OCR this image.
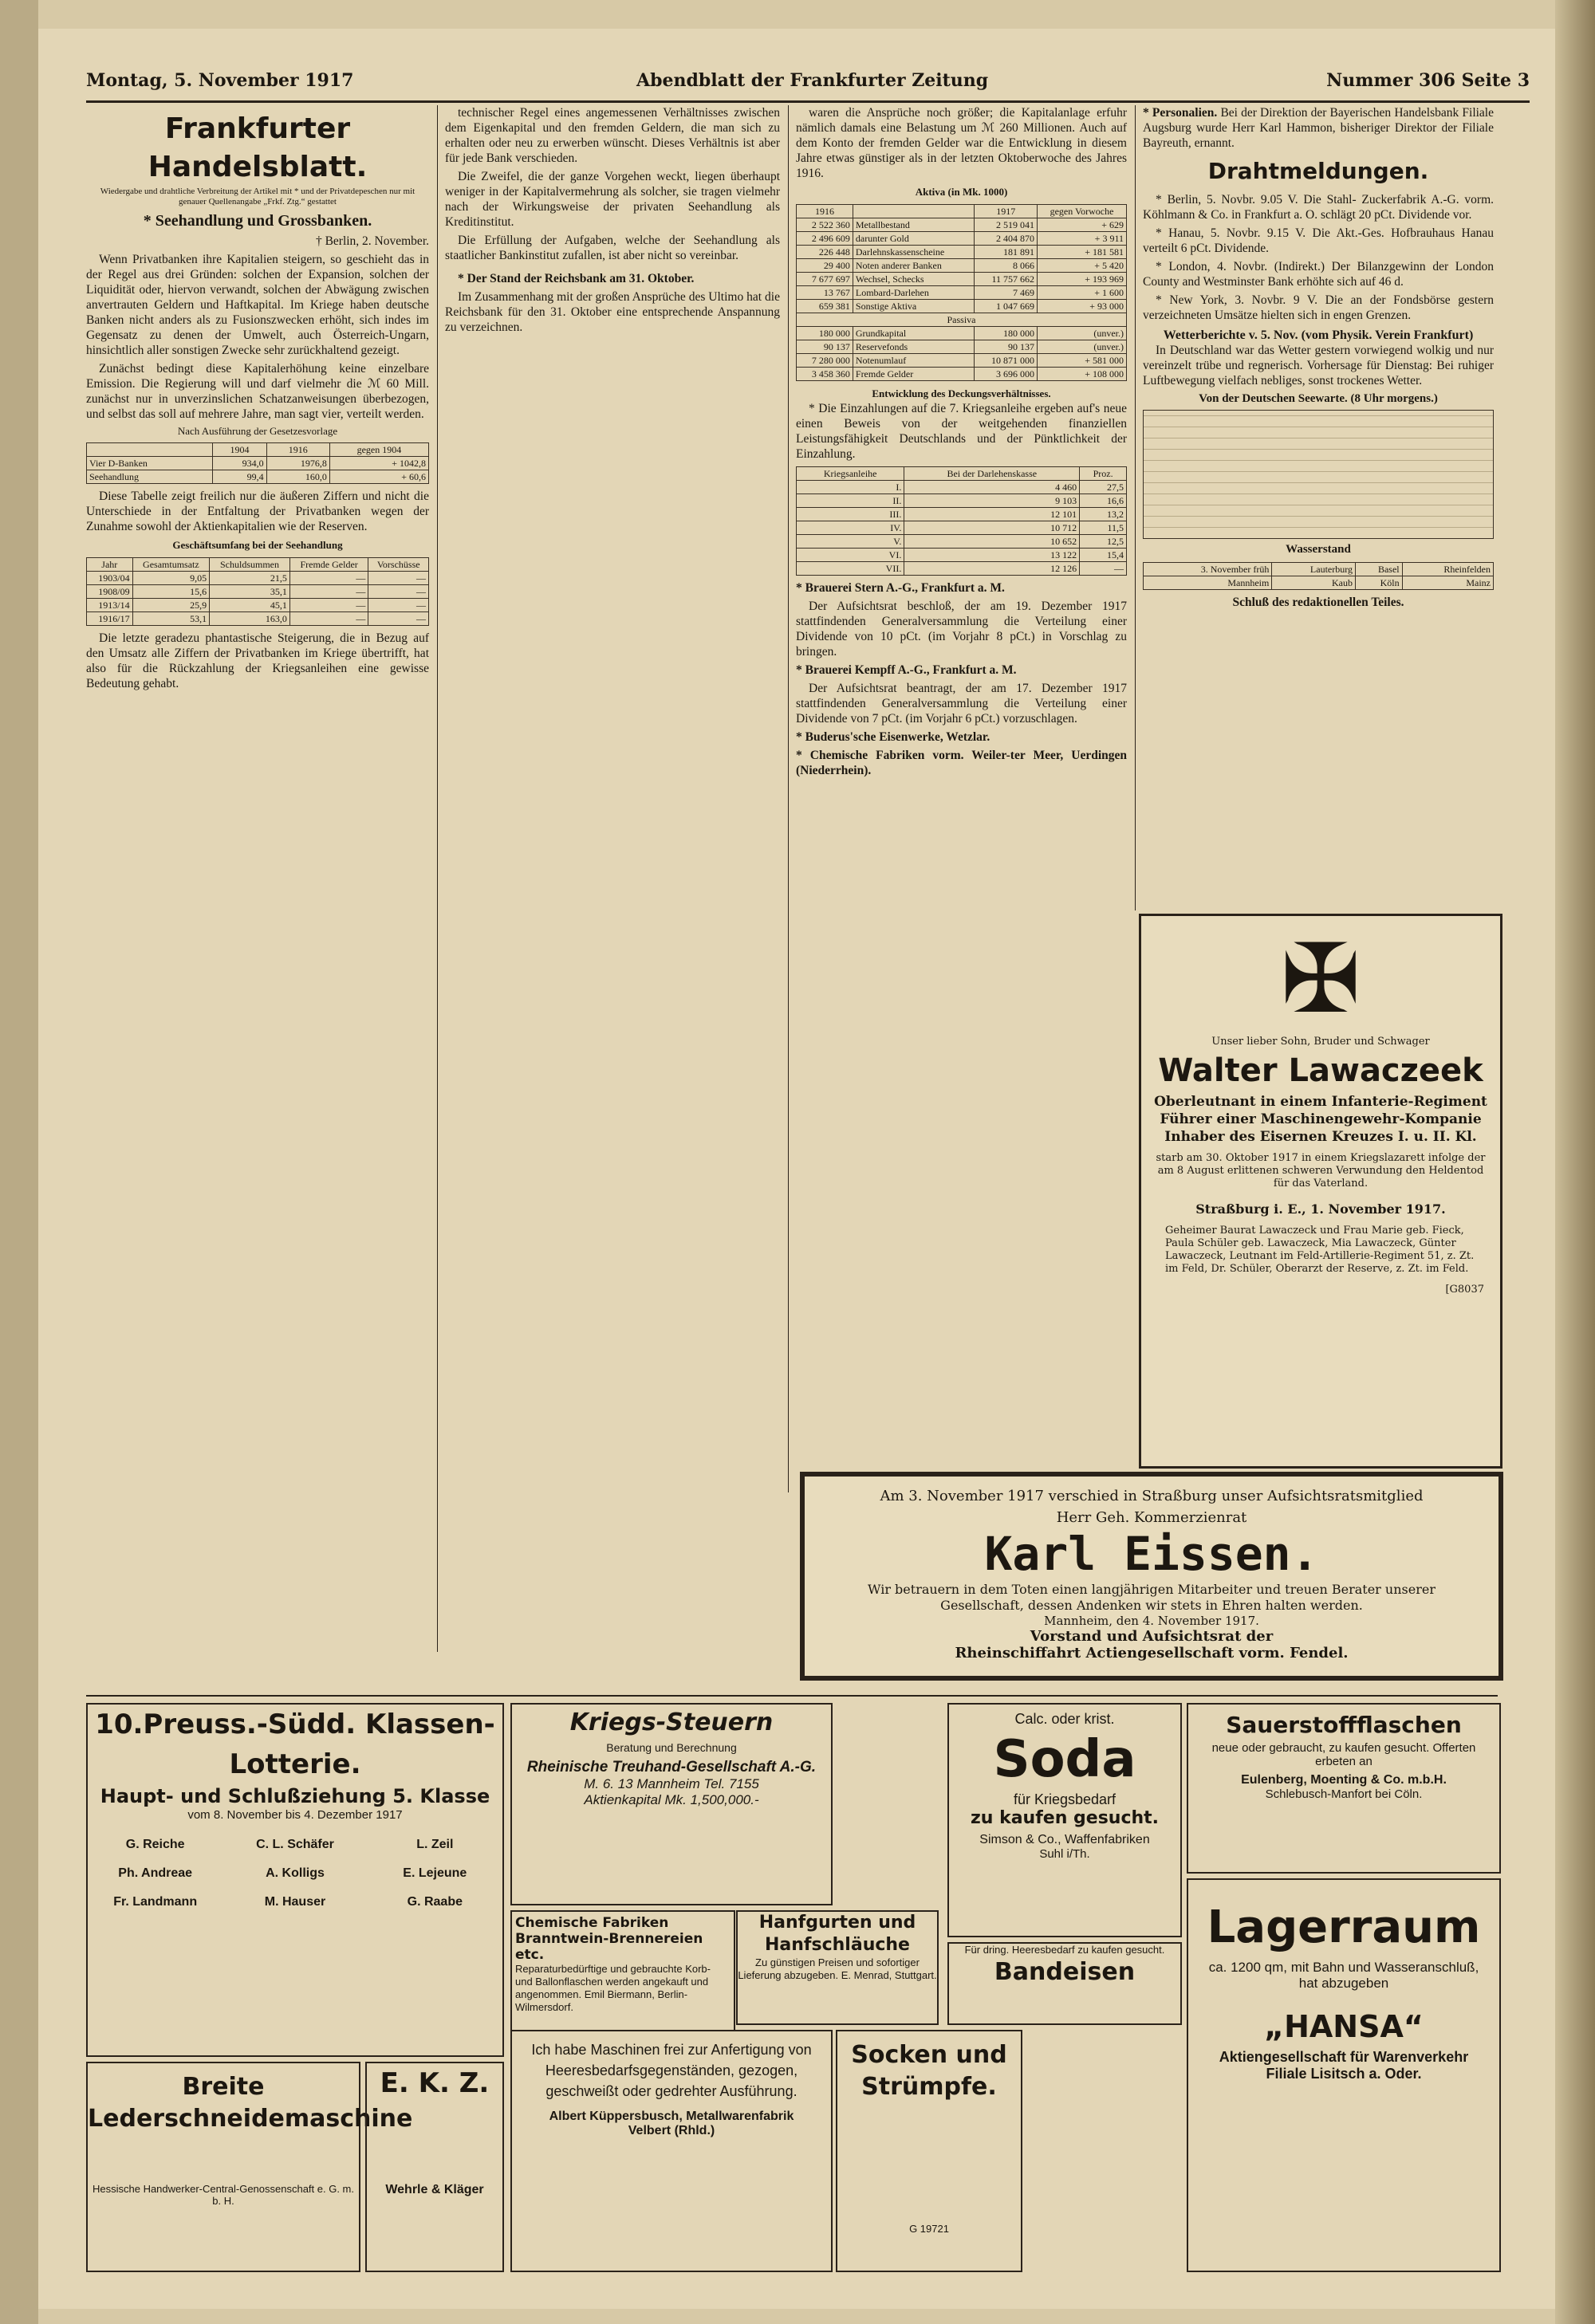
Montag, 5. November 1917	Abendblatt der Frankfurter Zeitung	Nummer 306 Seite 3
Frankfurter Handelsblatt.
Wiedergabe und drahtliche Verbreitung der Artikel mit * und der Privatdepeschen nur mit genauer Quellenangabe „Frkf. Ztg.“ gestattet
* Seehandlung und Grossbanken.
† Berlin, 2. November.

Wenn Privatbanken ihre Kapitalien steigern, so geschieht das in der Regel aus drei Gründen: solchen der Expansion, solchen der Liquidität oder, hiervon verwandt, solchen der Abwägung zwischen anvertrauten Geldern und Haftkapital. Im Kriege haben deutsche Banken nicht anders als zu Fusionszwecken erhöht, sich indes im Gegensatz zu denen der Umwelt, auch Österreich-Ungarn, hinsichtlich aller sonstigen Zwecke sehr zurückhaltend gezeigt.

Zunächst bedingt diese Kapitalerhöhung keine einzelbare Emission. Die Regierung will und darf vielmehr die ℳ 60 Mill. zunächst nur in unverzinslichen Schatzanweisungen überbezogen, und selbst das soll auf mehrere Jahre, man sagt vier, verteilt werden.

Nach Ausführung der Gesetzesvorlage
	1904	1916	gegen 1904
Vier D-Banken	934,0	1976,8	+ 1042,8
Seehandlung	99,4	160,0	+ 60,6

Diese Tabelle zeigt freilich nur die äußeren Ziffern und nicht die Unterschiede in der Entfaltung der Privatbanken wegen der Zunahme sowohl der Aktienkapitalien wie der Reserven.

Geschäftsumfang bei der Seehandlung
Jahr	Gesamtumsatz	Schuldsummen	Fremde Gelder	Vorschüsse
1903/04	9,05	21,5	—	—
1908/09	15,6	35,1	—	—
1913/14	25,9	45,1	—	—
1916/17	53,1	163,0	—	—

Die letzte geradezu phantastische Steigerung, die in Bezug auf den Umsatz alle Ziffern der Privatbanken im Kriege übertrifft, hat also für die Rückzahlung der Kriegsanleihen eine gewisse Bedeutung gehabt.

technischer Regel eines angemessenen Verhältnisses zwischen dem Eigenkapital und den fremden Geldern, die man sich zu erhalten oder neu zu erwerben wünscht. Dieses Verhältnis ist aber für jede Bank verschieden.

Die Zweifel, die der ganze Vorgehen weckt, liegen überhaupt weniger in der Kapitalvermehrung als solcher, sie tragen vielmehr nach der Wirkungsweise der privaten Seehandlung als Kreditinstitut.

Die Erfüllung der Aufgaben, welche der Seehandlung als staatlicher Bankinstitut zufallen, ist aber nicht so vereinbar.

* Der Stand der Reichsbank am 31. Oktober.

Im Zusammenhang mit der großen Ansprüche des Ultimo hat die Reichsbank für den 31. Oktober eine entsprechende Anspannung zu verzeichnen.

waren die Ansprüche noch größer; die Kapitalanlage erfuhr nämlich damals eine Belastung um ℳ 260 Millionen. Auch auf dem Konto der fremden Gelder war die Entwicklung in diesem Jahre etwas günstiger als in der letzten Oktoberwoche des Jahres 1916.

Aktiva (in Mk. 1000)
1916		1917	gegen Vorwoche
2 522 360	Metallbestand	2 519 041	+ 629
2 496 609	darunter Gold	2 404 870	+ 3 911
226 448	Darlehnskassenscheine	181 891	+ 181 581
29 400	Noten anderer Banken	8 066	+ 5 420
7 677 697	Wechsel, Schecks	11 757 662	+ 193 969
13 767	Lombard-Darlehen	7 469	+ 1 600
659 381	Sonstige Aktiva	1 047 669	+ 93 000
Passiva			
180 000	Grundkapital	180 000	(unver.)
90 137	Reservefonds	90 137	(unver.)
7 280 000	Notenumlauf	10 871 000	+ 581 000
3 458 360	Fremde Gelder	3 696 000	+ 108 000
Entwicklung des Deckungsverhältnisses.

* Die Einzahlungen auf die 7. Kriegsanleihe ergeben auf's neue einen Beweis von der weitgehenden finanziellen Leistungsfähigkeit Deutschlands und der Pünktlichkeit der Einzahlung.

Kriegsanleihe	Bei der Darlehenskasse	Proz.
I.	4 460	27,5
II.	9 103	16,6
III.	12 101	13,2
IV.	10 712	11,5
V.	10 652	12,5
VI.	13 122	15,4
VII.	12 126	—

* Brauerei Stern A.-G., Frankfurt a. M.

Der Aufsichtsrat beschloß, der am 19. Dezember 1917 stattfindenden Generalversammlung die Verteilung einer Dividende von 10 pCt. (im Vorjahr 8 pCt.) in Vorschlag zu bringen.

* Brauerei Kempff A.-G., Frankfurt a. M.

Der Aufsichtsrat beantragt, der am 17. Dezember 1917 stattfindenden Generalversammlung die Verteilung einer Dividende von 7 pCt. (im Vorjahr 6 pCt.) vorzuschlagen.

* Buderus'sche Eisenwerke, Wetzlar.

* Chemische Fabriken vorm. Weiler-ter Meer, Uerdingen (Niederrhein).

* Personalien. Bei der Direktion der Bayerischen Handelsbank Filiale Augsburg wurde Herr Karl Hammon, bisheriger Direktor der Filiale Bayreuth, ernannt.

Drahtmeldungen.

* Berlin, 5. Novbr. 9.05 V. Die Stahl- Zuckerfabrik A.-G. vorm. Köhlmann & Co. in Frankfurt a. O. schlägt 20 pCt. Dividende vor.

* Hanau, 5. Novbr. 9.15 V. Die Akt.-Ges. Hofbrauhaus Hanau verteilt 6 pCt. Dividende.

* London, 4. Novbr. (Indirekt.) Der Bilanzgewinn der London County and Westminster Bank erhöhte sich auf 46 d.

* New York, 3. Novbr. 9 V. Die an der Fondsbörse gestern verzeichneten Umsätze hielten sich in engen Grenzen.

Wetterberichte v. 5. Nov. (vom Physik. Verein Frankfurt)

In Deutschland war das Wetter gestern vorwiegend wolkig und nur vereinzelt trübe und regnerisch. Vorhersage für Dienstag: Bei ruhiger Luftbewegung vielfach nebliges, sonst trockenes Wetter.

Von der Deutschen Seewarte. (8 Uhr morgens.)
Wasserstand
3. November früh	Lauterburg	Basel	Rheinfelden
Mannheim	Kaub	Köln	Mainz
Schluß des redaktionellen Teiles.
✠
Unser lieber Sohn, Bruder und Schwager
Walter Lawaczeek
Oberleutnant in einem Infanterie-Regiment Führer einer Maschinengewehr-Kompanie Inhaber des Eisernen Kreuzes I. u. II. Kl.
starb am 30. Oktober 1917 in einem Kriegslazarett infolge der am 8 August erlittenen schweren Verwundung den Heldentod für das Vaterland.
Straßburg i. E., 1. November 1917.
Geheimer Baurat Lawaczeck und Frau Marie geb. Fieck, Paula Schüler geb. Lawaczeck, Mia Lawaczeck, Günter Lawaczeck, Leutnant im Feld-Artillerie-Regiment 51, z. Zt. im Feld, Dr. Schüler, Oberarzt der Reserve, z. Zt. im Feld.
[G8037
Am 3. November 1917 verschied in Straßburg unser Aufsichtsratsmitglied
Herr Geh. Kommerzienrat
Karl Eissen.
Wir betrauern in dem Toten einen langjährigen Mitarbeiter und treuen Berater unserer Gesellschaft, dessen Andenken wir stets in Ehren halten werden.
Mannheim, den 4. November 1917.
Vorstand und Aufsichtsrat der
Rheinschiffahrt Actiengesellschaft vorm. Fendel.
10.Preuss.-Südd. Klassen-Lotterie.
Haupt- und Schlußziehung 5. Klasse
vom 8. November bis 4. Dezember 1917
G. Reiche	C. L. Schäfer	L. Zeil
Ph. Andreae	A. Kolligs	E. Lejeune
Fr. Landmann	M. Hauser	G. Raabe
Breite Lederschneidemaschine
Hessische Handwerker-Central-Genossenschaft e. G. m. b. H.
E. K. Z.
Wehrle & Kläger
Kriegs-Steuern
Beratung und Berechnung
Rheinische Treuhand-Gesellschaft A.-G.
M. 6. 13 Mannheim Tel. 7155
Aktienkapital Mk. 1,500,000.-
Chemische Fabriken Branntwein-Brennereien etc.
Reparaturbedürftige und gebrauchte Korb- und Ballonflaschen werden angekauft und angenommen. Emil Biermann, Berlin-Wilmersdorf.
Hanfgurten und Hanfschläuche
Zu günstigen Preisen und sofortiger Lieferung abzugeben. E. Menrad, Stuttgart.
Ich habe Maschinen frei zur Anfertigung von Heeresbedarfsgegenständen, gezogen, geschweißt oder gedrehter Ausführung.
Albert Küppersbusch, Metallwarenfabrik
Velbert (Rhld.)
Socken und Strümpfe.
G 19721
Calc. oder krist.
Soda
für Kriegsbedarf
zu kaufen gesucht.
Simson & Co., Waffenfabriken
Suhl i/Th.
Für dring. Heeresbedarf zu kaufen gesucht.
Bandeisen
Sauerstoffflaschen
neue oder gebraucht, zu kaufen gesucht. Offerten erbeten an
Eulenberg, Moenting & Co. m.b.H.
Schlebusch-Manfort bei Cöln.
Lagerraum
ca. 1200 qm, mit Bahn und Wasseranschluß, hat abzugeben
„HANSA“
Aktiengesellschaft für Warenverkehr
Filiale Lisitsch a. Oder.
